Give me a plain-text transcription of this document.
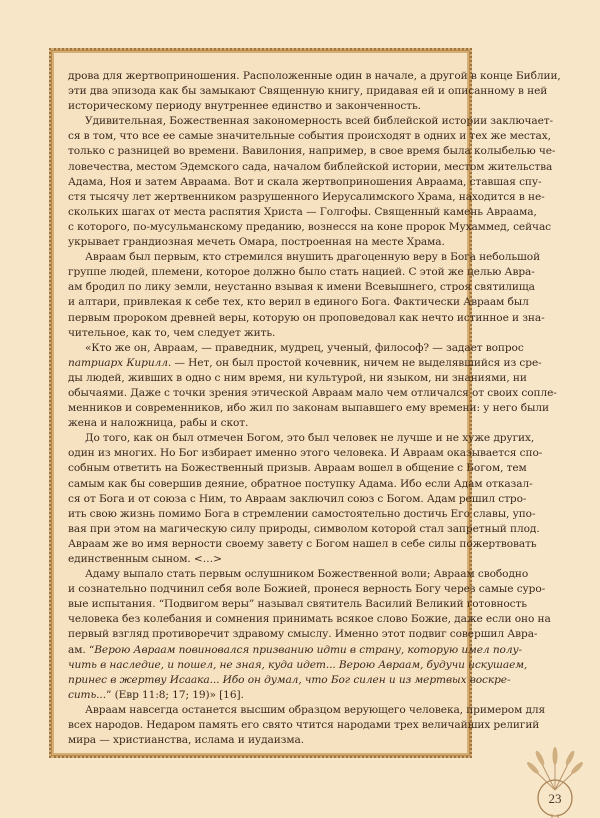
дрова для жертвоприношения. Расположенные один в начале, а другой в конце Библии,
эти два эпизода как бы замыкают Священную книгу, придавая ей и описанному в ней
историческому периоду внутреннее единство и законченность.
Удивительная, Божественная закономерность всей библейской истории заключает-
ся в том, что все ее самые значительные события происходят в одних и тех же местах,
только с разницей во времени. Вавилония, например, в свое время была колыбелью че-
ловечества, местом Эдемского сада, началом библейской истории, местом жительства
Адама, Ноя и затем Авраама. Вот и скала жертвоприношения Авраама, ставшая спу-
стя тысячу лет жертвенником разрушенного Иерусалимского Храма, находится в не-
скольких шагах от места распятия Христа — Голгофы. Священный камень Авраама,
с которого, по-мусульманскому преданию, вознесся на коне пророк Мухаммед, сейчас
укрывает грандиозная мечеть Омара, построенная на месте Храма.
Авраам был первым, кто стремился внушить драгоценную веру в Бога небольшой
группе людей, племени, которое должно было стать нацией. С этой же целью Авра-
ам бродил по лику земли, неустанно взывая к имени Всевышнего, строя святилища
и алтари, привлекая к себе тех, кто верил в единого Бога. Фактически Авраам был
первым пророком древней веры, которую он проповедовал как нечто истинное и зна-
чительное, как то, чем следует жить.
«Кто же он, Авраам, — праведник, мудрец, ученый, философ? — задает вопрос
патриарх Кирилл. — Нет, он был простой кочевник, ничем не выделявшийся из сре-
ды людей, живших в одно с ним время, ни культурой, ни языком, ни знаниями, ни
обычаями. Даже с точки зрения этической Авраам мало чем отличался от своих сопле-
менников и современников, ибо жил по законам выпавшего ему времени: у него были
жена и наложница, рабы и скот.
До того, как он был отмечен Богом, это был человек не лучше и не хуже других,
один из многих. Но Бог избирает именно этого человека. И Авраам оказывается спо-
собным ответить на Божественный призыв. Авраам вошел в общение с Богом, тем
самым как бы совершив деяние, обратное поступку Адама. Ибо если Адам отказал-
ся от Бога и от союза с Ним, то Авраам заключил союз с Богом. Адам решил стро-
ить свою жизнь помимо Бога в стремлении самостоятельно достичь Его славы, упо-
вая при этом на магическую силу природы, символом которой стал запретный плод.
Авраам же во имя верности своему завету с Богом нашел в себе силы пожертвовать
единственным сыном. <…>
Адаму выпало стать первым ослушником Божественной воли; Авраам свободно
и сознательно подчинил себя воле Божией, пронеся верность Богу через самые суро-
вые испытания. “Подвигом веры” называл святитель Василий Великий готовность
человека без колебания и сомнения принимать всякое слово Божие, даже если оно на
первый взгляд противоречит здравому смыслу. Именно этот подвиг совершил Авра-
ам. “Верою Авраам повиновался призванию идти в страну, которую имел полу-
чить в наследие, и пошел, не зная, куда идет... Верою Авраам, будучи искушаем,
принес в жертву Исаака... Ибо он думал, что Бог силен и из мертвых воскре-
сить...” (Евр 11:8; 17; 19)» [16].
Авраам навсегда останется высшим образцом верующего человека, примером для
всех народов. Недаром память его свято чтится народами трех величайших религий
мира — христианства, ислама и иудаизма.
23
